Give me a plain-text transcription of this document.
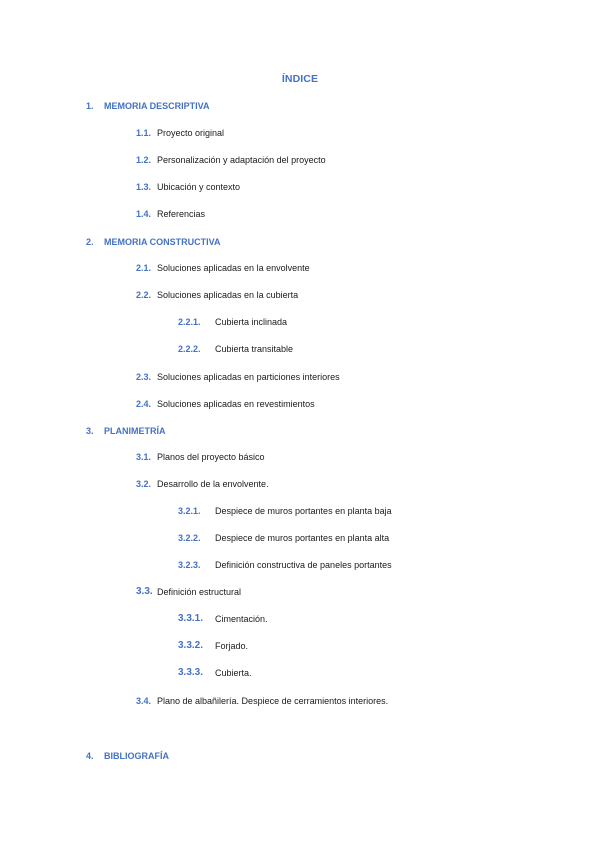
ÍNDICE
1. MEMORIA DESCRIPTIVA
1.1. Proyecto original
1.2. Personalización y adaptación del proyecto
1.3. Ubicación y contexto
1.4. Referencias
2. MEMORIA CONSTRUCTIVA
2.1. Soluciones aplicadas en la envolvente
2.2. Soluciones aplicadas en la cubierta
2.2.1. Cubierta inclinada
2.2.2. Cubierta transitable
2.3. Soluciones aplicadas en particiones interiores
2.4. Soluciones aplicadas en revestimientos
3. PLANIMETRÍA
3.1. Planos del proyecto básico
3.2. Desarrollo de la envolvente.
3.2.1. Despiece de muros portantes en planta baja
3.2.2. Despiece de muros portantes en planta alta
3.2.3. Definición constructiva de paneles portantes
3.3. Definición estructural
3.3.1. Cimentación.
3.3.2. Forjado.
3.3.3. Cubierta.
3.4. Plano de albañilería. Despiece de cerramientos interiores.
4. BIBLIOGRAFÍA
